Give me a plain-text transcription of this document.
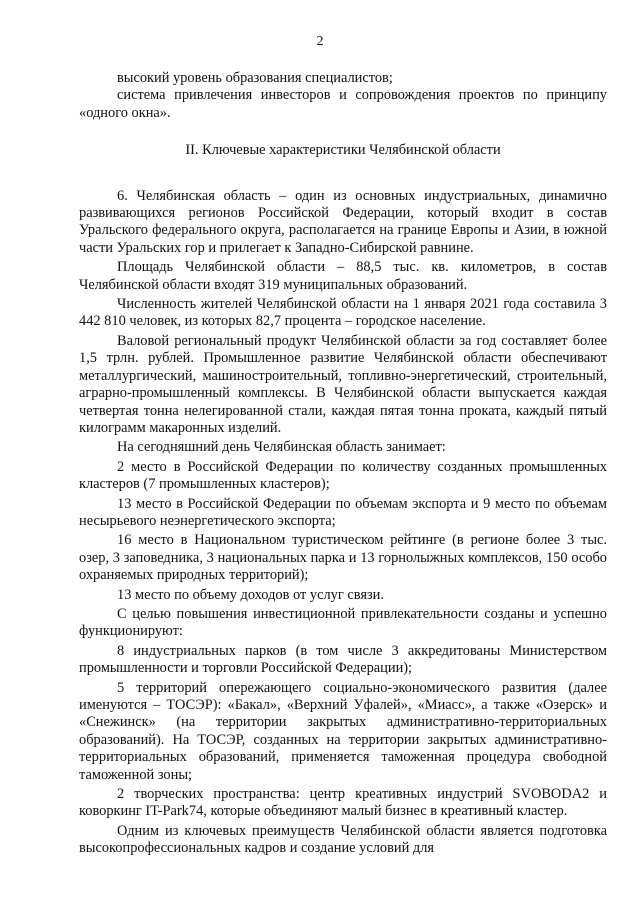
2

высокий уровень образования специалистов;

система привлечения инвесторов и сопровождения проектов по принципу «одного окна».

II. Ключевые характеристики Челябинской области

6. Челябинская область – один из основных индустриальных, динамично развивающихся регионов Российской Федерации, который входит в состав Уральского федерального округа, располагается на границе Европы и Азии, в южной части Уральских гор и прилегает к Западно-Сибирской равнине.

Площадь Челябинской области – 88,5 тыс. кв. километров, в состав Челябинской области входят 319 муниципальных образований.

Численность жителей Челябинской области на 1 января 2021 года составила 3 442 810 человек, из которых 82,7 процента – городское население.

Валовой региональный продукт Челябинской области за год составляет более 1,5 трлн. рублей. Промышленное развитие Челябинской области обеспечивают металлургический, машиностроительный, топливно-энергетический, строительный, аграрно-промышленный комплексы. В Челябинской области выпускается каждая четвертая тонна нелегированной стали, каждая пятая тонна проката, каждый пятый килограмм макаронных изделий.

На сегодняшний день Челябинская область занимает:

2 место в Российской Федерации по количеству созданных промышленных кластеров (7 промышленных кластеров);

13 место в Российской Федерации по объемам экспорта и 9 место по объемам несырьевого неэнергетического экспорта;

16 место в Национальном туристическом рейтинге (в регионе более 3 тыс. озер, 3 заповедника, 3 национальных парка и 13 горнолыжных комплексов, 150 особо охраняемых природных территорий);

13 место по объему доходов от услуг связи.

С целью повышения инвестиционной привлекательности созданы и успешно функционируют:

8 индустриальных парков (в том числе 3 аккредитованы Министерством промышленности и торговли Российской Федерации);

5 территорий опережающего социально-экономического развития (далее именуются – ТОСЭР): «Бакал», «Верхний Уфалей», «Миасс», а также «Озерск» и «Снежинск» (на территории закрытых административно-территориальных образований). На ТОСЭР, созданных на территории закрытых административно-территориальных образований, применяется таможенная процедура свободной таможенной зоны;

2 творческих пространства: центр креативных индустрий SVOBODA2 и коворкинг IT-Park74, которые объединяют малый бизнес в креативный кластер.

Одним из ключевых преимуществ Челябинской области является подготовка высокопрофессиональных кадров и создание условий для
